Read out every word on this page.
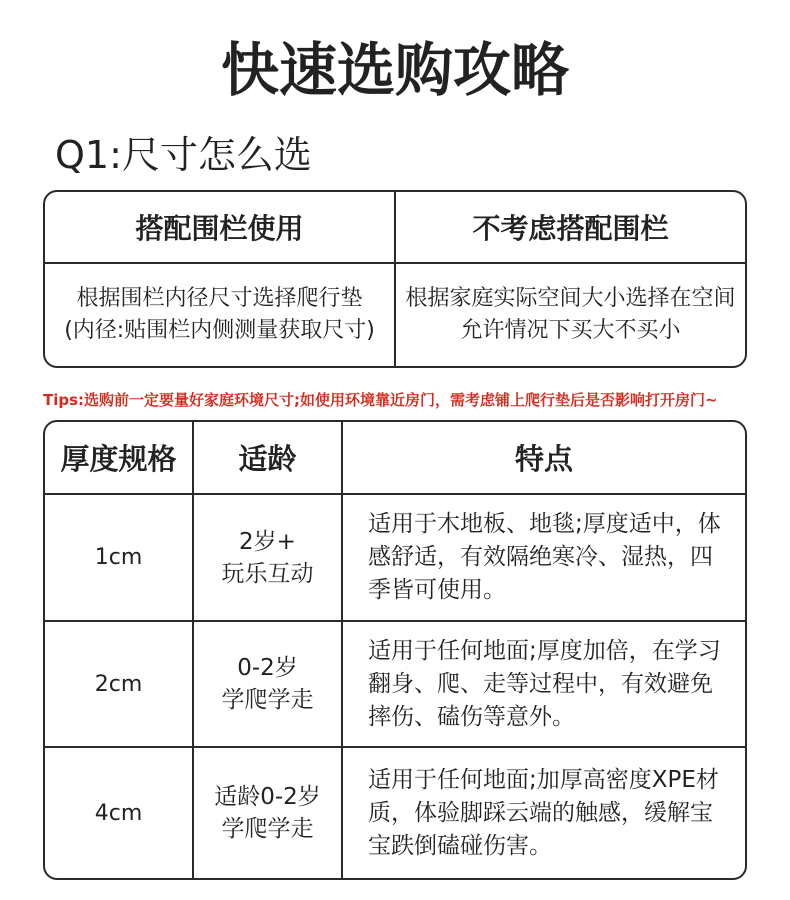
快速选购攻略
Q1:尺寸怎么选
搭配围栏使用	不考虑搭配围栏
根据围栏内径尺寸选择爬行垫
(内径:贴围栏内侧测量获取尺寸)
根据家庭实际空间大小选择在空间
允许情况下买大不买小
Tips:选购前一定要量好家庭环境尺寸;如使用环境靠近房门，需考虑铺上爬行垫后是否影响打开房门~
厚度规格 适龄	特点
1cm
2岁+
玩乐互动
适用于木地板、地毯;厚度适中，体
感舒适，有效隔绝寒冷、湿热，四
季皆可使用。
2cm
0-2岁
学爬学走
适用于任何地面;厚度加倍，在学习
翻身、爬、走等过程中，有效避免
摔伤、磕伤等意外。
4cm
适龄0-2岁
学爬学走
适用于任何地面;加厚高密度XPE材
质，体验脚踩云端的触感，缓解宝
宝跌倒磕碰伤害。
